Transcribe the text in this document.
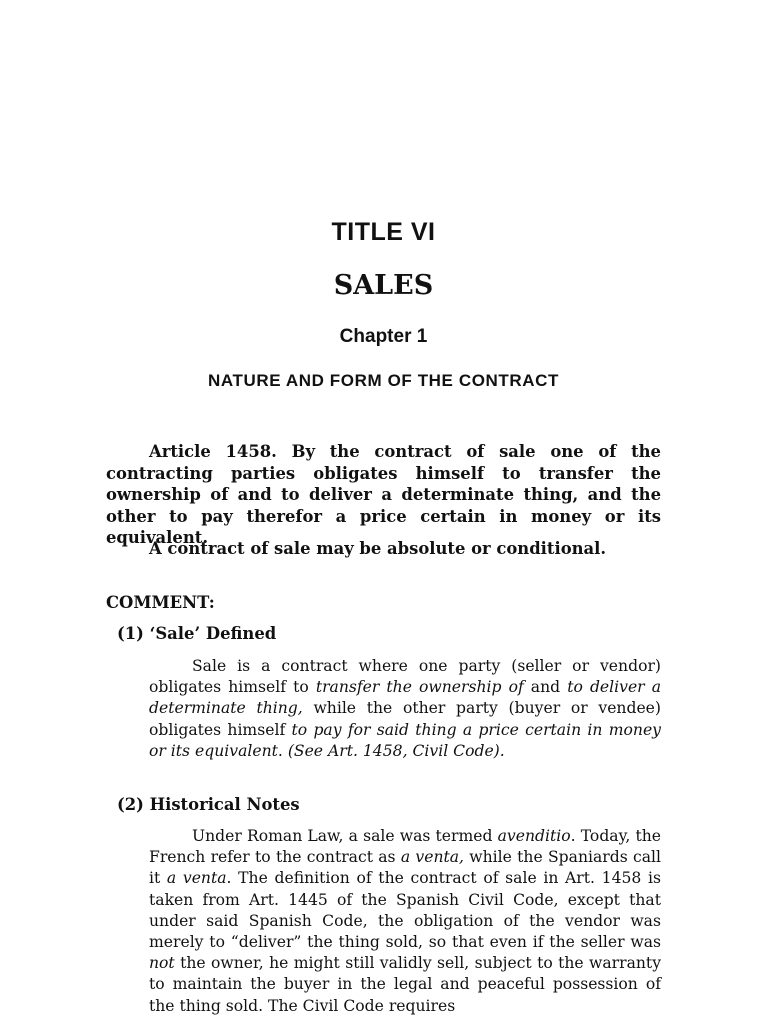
TITLE VI
SALES
Chapter 1
NATURE AND FORM OF THE CONTRACT

Article 1458. By the contract of sale one of the contracting parties obligates himself to transfer the ownership of and to deliver a determinate thing, and the other to pay therefor a price certain in money or its equivalent.

A contract of sale may be absolute or conditional.

COMMENT:

(1) ‘Sale’ Defined

Sale is a contract where one party (seller or vendor) obligates himself to transfer the ownership of and to deliver a determinate thing, while the other party (buyer or vendee) obligates himself to pay for said thing a price certain in money or its equivalent. (See Art. 1458, Civil Code).

(2) Historical Notes

Under Roman Law, a sale was termed avenditio. Today, the French refer to the contract as a venta, while the Spaniards call it a venta. The definition of the contract of sale in Art. 1458 is taken from Art. 1445 of the Spanish Civil Code, except that under said Spanish Code, the obligation of the vendor was merely to “deliver” the thing sold, so that even if the seller was not the owner, he might still validly sell, subject to the warranty to maintain the buyer in the legal and peaceful possession of the thing sold. The Civil Code requires
